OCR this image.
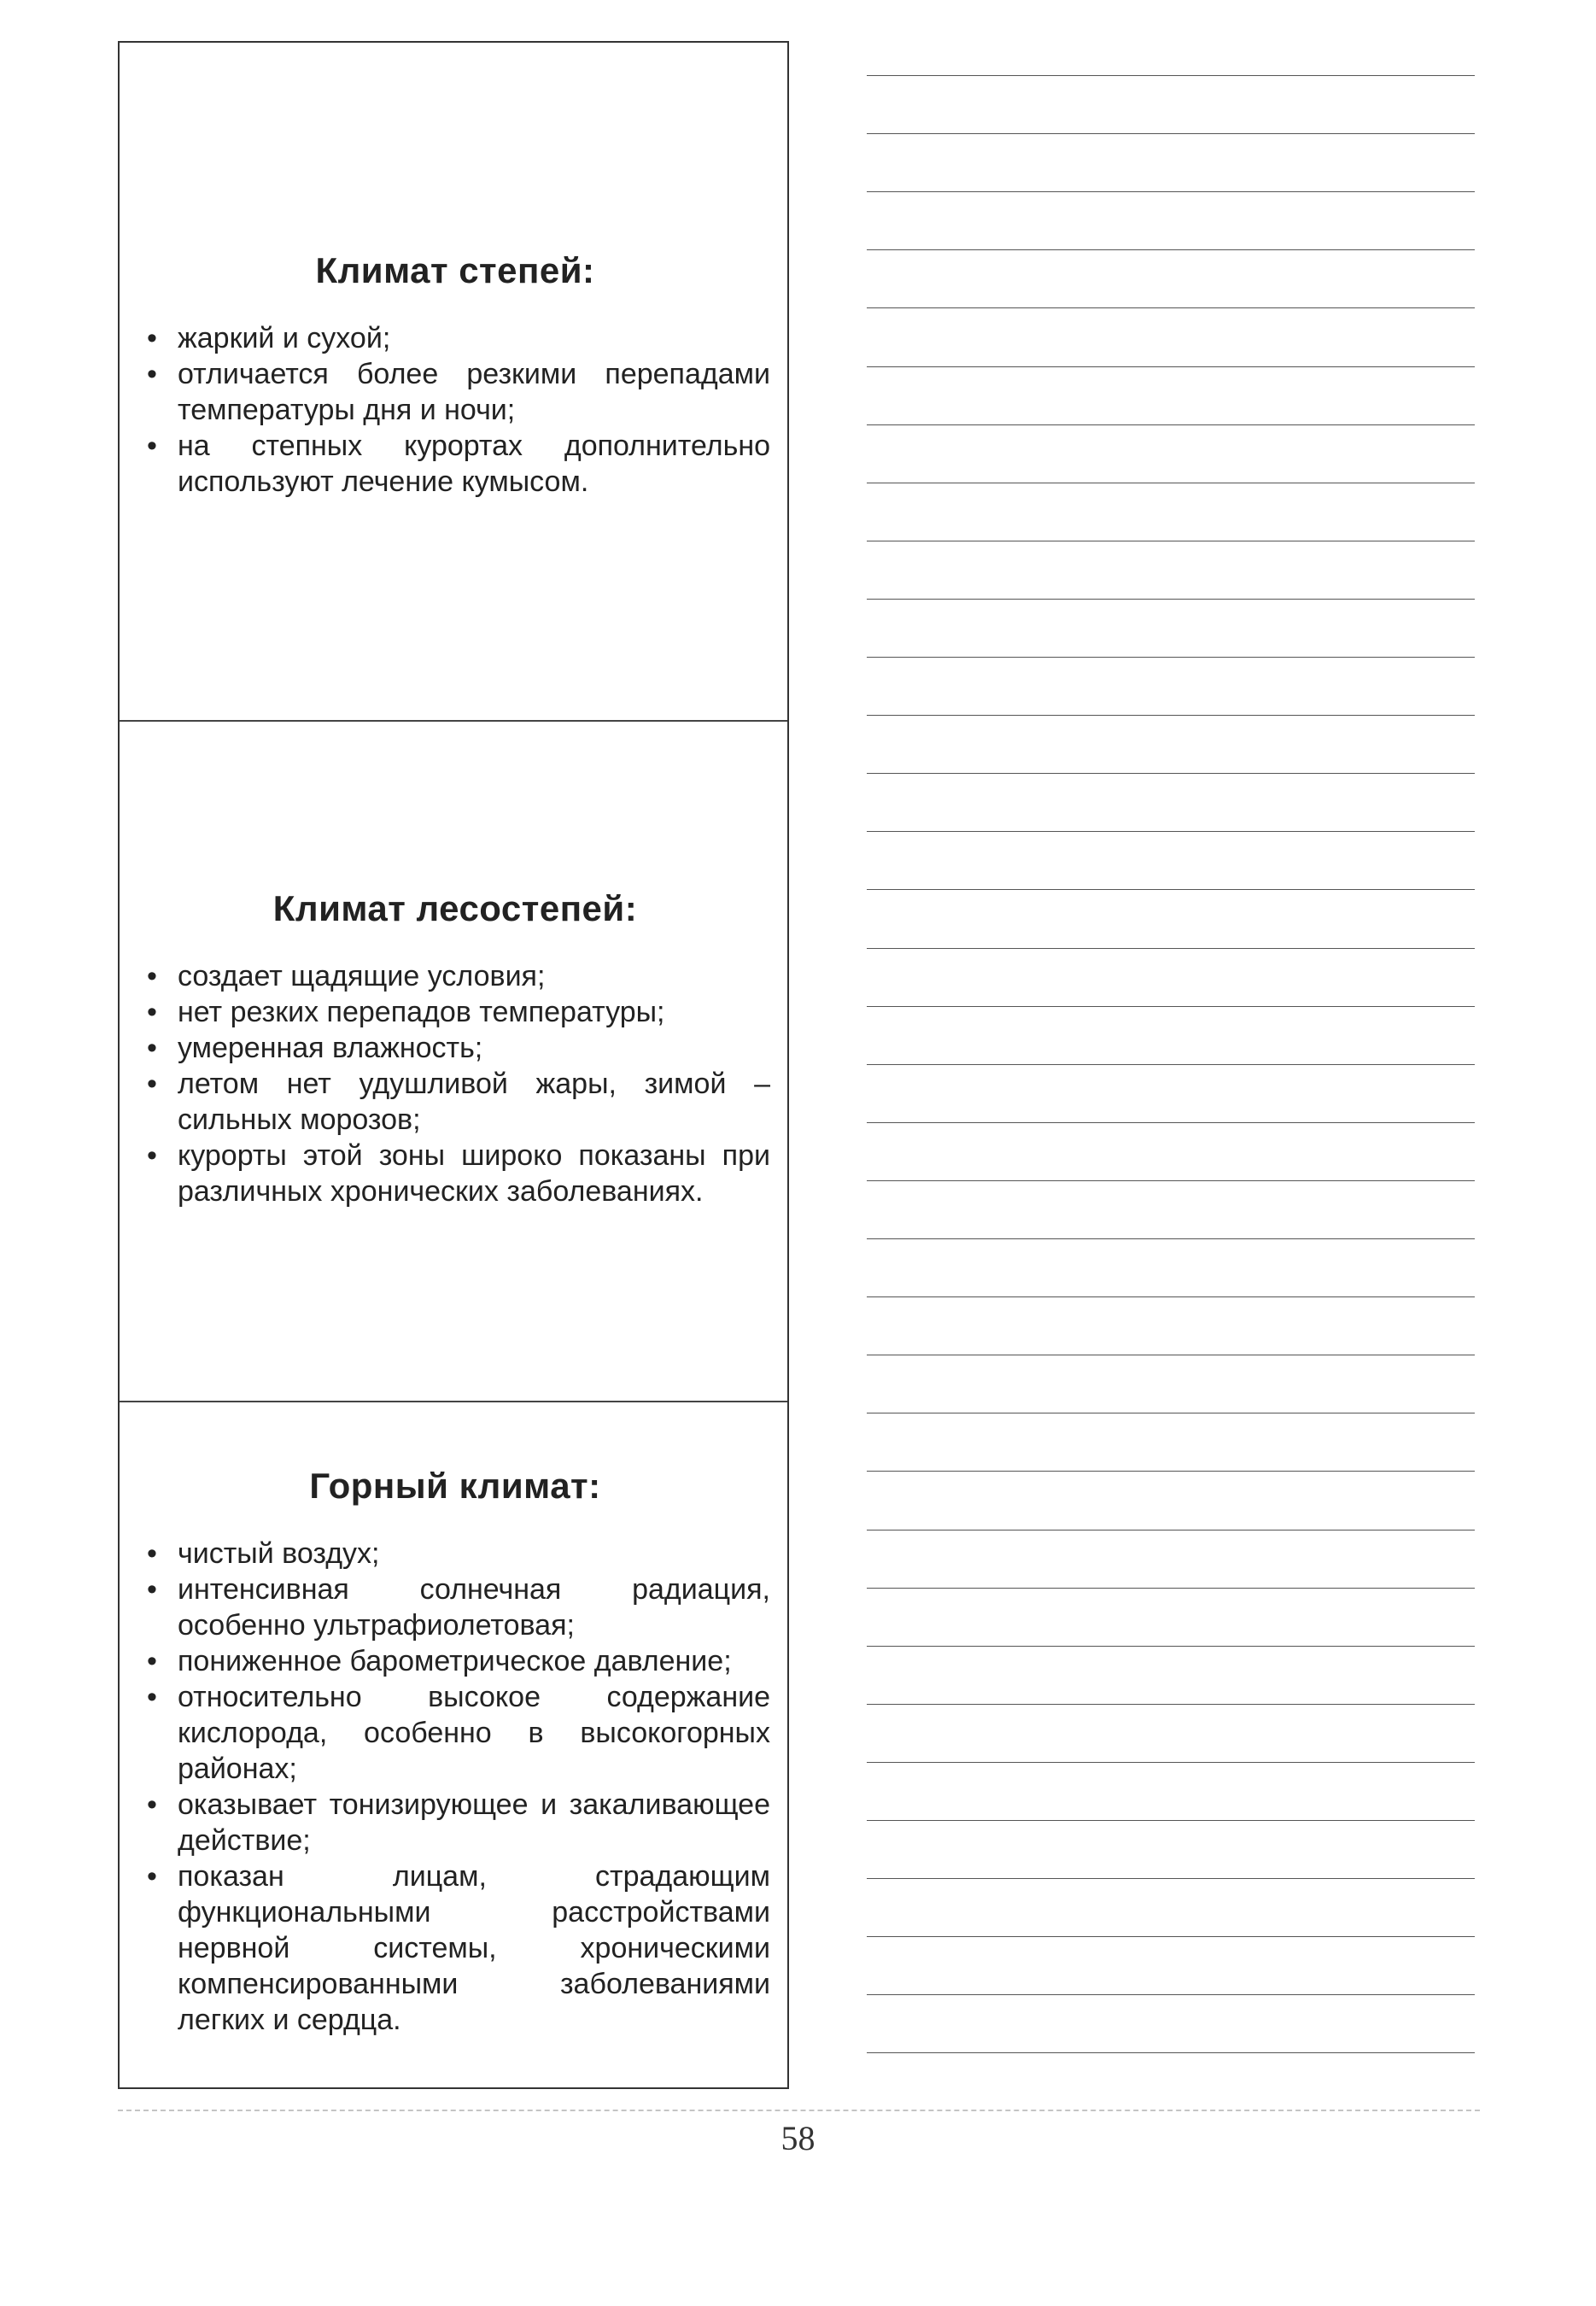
Климат степей:
• жаркий и сухой;
• отличается более резкими перепадами температуры дня и ночи;
• на степных курортах дополнительно используют лечение кумысом.
Климат лесостепей:
• создает щадящие условия;
• нет резких перепадов температуры;
• умеренная влажность;
• летом нет удушливой жары, зимой – сильных морозов;
• курорты этой зоны широко показаны при различных хронических заболеваниях.
Горный климат:
• чистый воздух;
• интенсивная солнечная радиация, особенно ультрафиолетовая;
• пониженное барометрическое давление;
• относительно высокое содержание кислорода, особенно в высокогорных районах;
• оказывает тонизирующее и закаливающее действие;
• показан лицам, страдающим функциональными расстройствами нервной системы, хроническими компенсированными заболеваниями легких и сердца.
58
